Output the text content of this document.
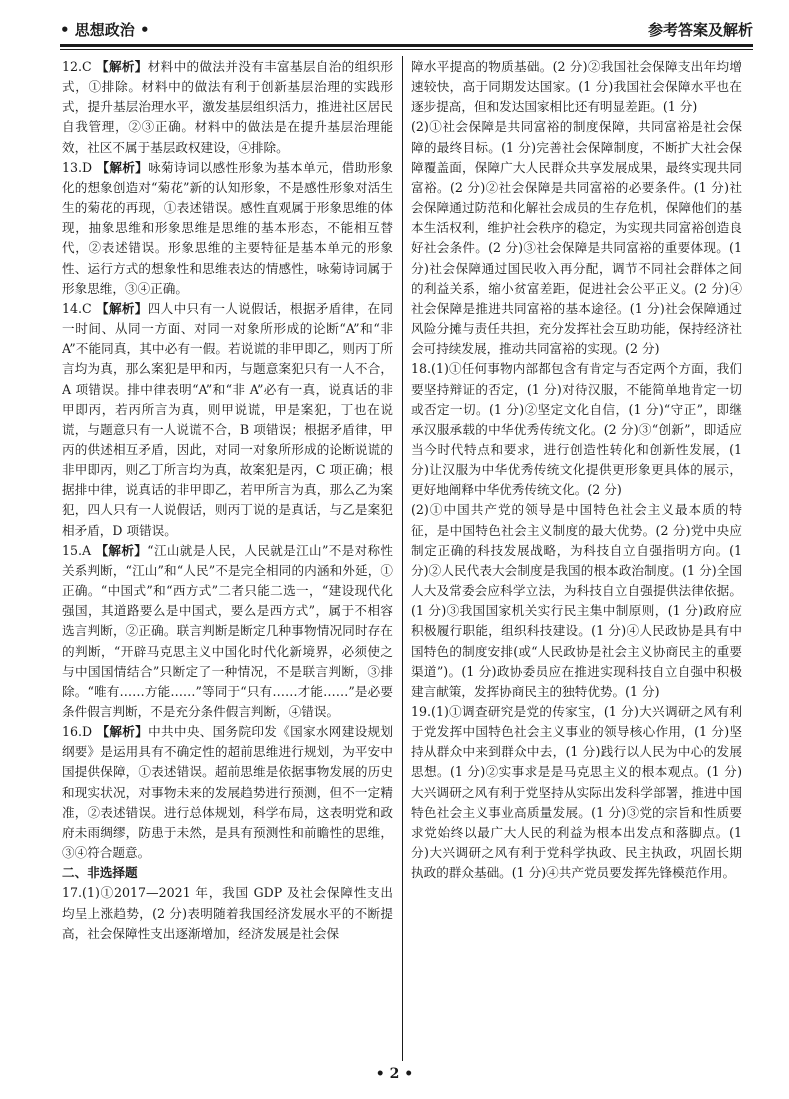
• 思想政治 •	参考答案及解析

12.C 【解析】材料中的做法并没有丰富基层自治的组织形式，①排除。材料中的做法有利于创新基层治理的实践形式，提升基层治理水平，激发基层组织活力，推进社区居民自我管理，②③正确。材料中的做法是在提升基层治理能效，社区不属于基层政权建设，④排除。

13.D 【解析】咏菊诗词以感性形象为基本单元，借助形象化的想象创造对“菊花”新的认知形象，不是感性形象对活生生的菊花的再现，①表述错误。感性直观属于形象思维的体现，抽象思维和形象思维是思维的基本形态，不能相互替代，②表述错误。形象思维的主要特征是基本单元的形象性、运行方式的想象性和思维表达的情感性，咏菊诗词属于形象思维，③④正确。

14.C 【解析】四人中只有一人说假话，根据矛盾律，在同一时间、从同一方面、对同一对象所形成的论断“A”和“非 A”不能同真，其中必有一假。若说谎的非甲即乙，则丙丁所言均为真，那么案犯是甲和丙，与题意案犯只有一人不合，A 项错误。排中律表明“A”和“非 A”必有一真，说真话的非甲即丙，若丙所言为真，则甲说谎，甲是案犯，丁也在说谎，与题意只有一人说谎不合，B 项错误；根据矛盾律，甲丙的供述相互矛盾，因此，对同一对象所形成的论断说谎的非甲即丙，则乙丁所言均为真，故案犯是丙，C 项正确；根据排中律，说真话的非甲即乙，若甲所言为真，那么乙为案犯，四人只有一人说假话，则丙丁说的是真话，与乙是案犯相矛盾，D 项错误。

15.A 【解析】“江山就是人民，人民就是江山”不是对称性关系判断，“江山”和“人民”不是完全相同的内涵和外延，①正确。“中国式”和“西方式”二者只能二选一，“建设现代化强国，其道路要么是中国式，要么是西方式”，属于不相容选言判断，②正确。联言判断是断定几种事物情况同时存在的判断，“开辟马克思主义中国化时代化新境界，必须使之与中国国情结合”只断定了一种情况，不是联言判断，③排除。“唯有……方能……”等同于“只有……才能……”是必要条件假言判断，不是充分条件假言判断，④错误。

16.D 【解析】中共中央、国务院印发《国家水网建设规划纲要》是运用具有不确定性的超前思维进行规划，为平安中国提供保障，①表述错误。超前思维是依据事物发展的历史和现实状况，对事物未来的发展趋势进行预测，但不一定精准，②表述错误。进行总体规划，科学布局，这表明党和政府未雨绸缪，防患于未然，是具有预测性和前瞻性的思维，③④符合题意。

二、非选择题

17.(1)①2017—2021 年，我国 GDP 及社会保障性支出均呈上涨趋势，(2 分)表明随着我国经济发展水平的不断提高，社会保障性支出逐渐增加，经济发展是社会保

障水平提高的物质基础。(2 分)②我国社会保障支出年均增速较快，高于同期发达国家。(1 分)我国社会保障水平也在逐步提高，但和发达国家相比还有明显差距。(1 分)

(2)①社会保障是共同富裕的制度保障，共同富裕是社会保障的最终目标。(1 分)完善社会保障制度，不断扩大社会保障覆盖面，保障广大人民群众共享发展成果，最终实现共同富裕。(2 分)②社会保障是共同富裕的必要条件。(1 分)社会保障通过防范和化解社会成员的生存危机，保障他们的基本生活权利，维护社会秩序的稳定，为实现共同富裕创造良好社会条件。(2 分)③社会保障是共同富裕的重要体现。(1 分)社会保障通过国民收入再分配，调节不同社会群体之间的利益关系，缩小贫富差距，促进社会公平正义。(2 分)④社会保障是推进共同富裕的基本途径。(1 分)社会保障通过风险分摊与责任共担，充分发挥社会互助功能，保持经济社会可持续发展，推动共同富裕的实现。(2 分)

18.(1)①任何事物内部都包含有肯定与否定两个方面，我们要坚持辩证的否定，(1 分)对待汉服，不能简单地肯定一切或否定一切。(1 分)②坚定文化自信，(1 分)“守正”，即继承汉服承载的中华优秀传统文化。(2 分)③“创新”，即适应当今时代特点和要求，进行创造性转化和创新性发展，(1 分)让汉服为中华优秀传统文化提供更形象更具体的展示，更好地阐释中华优秀传统文化。(2 分)

(2)①中国共产党的领导是中国特色社会主义最本质的特征，是中国特色社会主义制度的最大优势。(2 分)党中央应制定正确的科技发展战略，为科技自立自强指明方向。(1 分)②人民代表大会制度是我国的根本政治制度。(1 分)全国人大及常委会应科学立法，为科技自立自强提供法律依据。(1 分)③我国国家机关实行民主集中制原则，(1 分)政府应积极履行职能，组织科技建设。(1 分)④人民政协是具有中国特色的制度安排(或“人民政协是社会主义协商民主的重要渠道”)。(1 分)政协委员应在推进实现科技自立自强中积极建言献策，发挥协商民主的独特优势。(1 分)

19.(1)①调查研究是党的传家宝，(1 分)大兴调研之风有利于党发挥中国特色社会主义事业的领导核心作用，(1 分)坚持从群众中来到群众中去，(1 分)践行以人民为中心的发展思想。(1 分)②实事求是是马克思主义的根本观点。(1 分)大兴调研之风有利于党坚持从实际出发科学部署，推进中国特色社会主义事业高质量发展。(1 分)③党的宗旨和性质要求党始终以最广大人民的利益为根本出发点和落脚点。(1 分)大兴调研之风有利于党科学执政、民主执政，巩固长期执政的群众基础。(1 分)④共产党员要发挥先锋模范作用。

• 2 •
